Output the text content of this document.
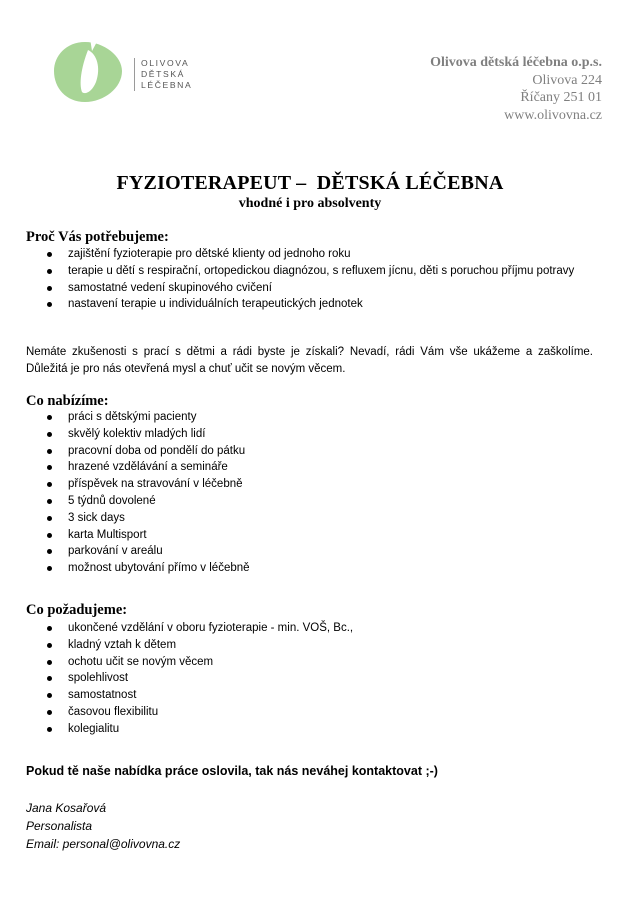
OLIVOVA
DĚTSKÁ
LÉČEBNA
Olivova dětská léčebna o.p.s.
Olivova 224
Říčany 251 01
www.olivovna.cz
FYZIOTERAPEUT –  DĚTSKÁ LÉČEBNA
vhodné i pro absolventy
Proč Vás potřebujeme:
zajištění fyzioterapie pro dětské klienty od jednoho roku
terapie u dětí s respirační, ortopedickou diagnózou, s refluxem jícnu, děti s poruchou příjmu potravy
samostatné vedení skupinového cvičení
nastavení terapie u individuálních terapeutických jednotek
Nemáte zkušenosti s prací s dětmi a rádi byste je získali? Nevadí, rádi Vám vše ukážeme a zaškolíme. Důležitá je pro nás otevřená mysl a chuť učit se novým věcem.
Co nabízíme:
práci s dětskými pacienty
skvělý kolektiv mladých lidí
pracovní doba od pondělí do pátku
hrazené vzdělávání a semináře
příspěvek na stravování v léčebně
5 týdnů dovolené
3 sick days
karta Multisport
parkování v areálu
možnost ubytování přímo v léčebně
Co požadujeme:
ukončené vzdělání v oboru fyzioterapie - min. VOŠ, Bc.,
kladný vztah k dětem
ochotu učit se novým věcem
spolehlivost
samostatnost
časovou flexibilitu
kolegialitu
Pokud tě naše nabídka práce oslovila, tak nás neváhej kontaktovat ;-)
Jana Kosařová
Personalista
Email: personal@olivovna.cz
